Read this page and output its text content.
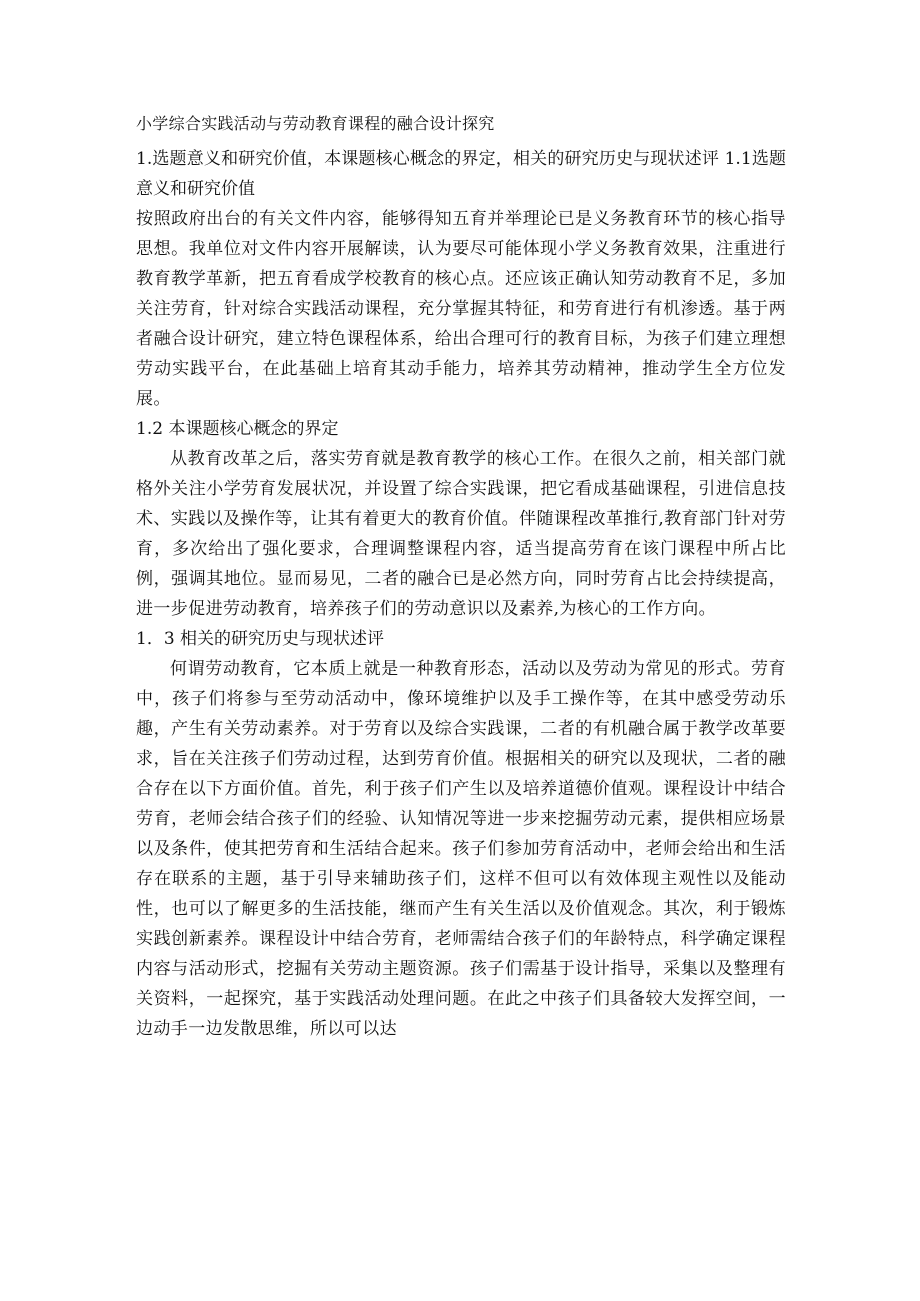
小学综合实践活动与劳动教育课程的融合设计探究

1.选题意义和研究价值，本课题核心概念的界定，相关的研究历史与现状述评 1.1选题意义和研究价值

按照政府出台的有关文件内容，能够得知五育并举理论已是义务教育环节的核心指导思想。我单位对文件内容开展解读，认为要尽可能体现小学义务教育效果，注重进行教育教学革新，把五育看成学校教育的核心点。还应该正确认知劳动教育不足，多加关注劳育，针对综合实践活动课程，充分掌握其特征，和劳育进行有机渗透。基于两者融合设计研究，建立特色课程体系，给出合理可行的教育目标，为孩子们建立理想劳动实践平台，在此基础上培育其动手能力，培养其劳动精神，推动学生全方位发展。

1.2 本课题核心概念的界定

从教育改革之后，落实劳育就是教育教学的核心工作。在很久之前，相关部门就格外关注小学劳育发展状况，并设置了综合实践课，把它看成基础课程，引进信息技术、实践以及操作等，让其有着更大的教育价值。伴随课程改革推行,教育部门针对劳育，多次给出了强化要求，合理调整课程内容，适当提高劳育在该门课程中所占比例，强调其地位。显而易见，二者的融合已是必然方向，同时劳育占比会持续提高，进一步促进劳动教育，培养孩子们的劳动意识以及素养,为核心的工作方向。

1．3 相关的研究历史与现状述评

何谓劳动教育，它本质上就是一种教育形态，活动以及劳动为常见的形式。劳育中，孩子们将参与至劳动活动中，像环境维护以及手工操作等，在其中感受劳动乐趣，产生有关劳动素养。对于劳育以及综合实践课，二者的有机融合属于教学改革要求，旨在关注孩子们劳动过程，达到劳育价值。根据相关的研究以及现状，二者的融合存在以下方面价值。首先，利于孩子们产生以及培养道德价值观。课程设计中结合劳育，老师会结合孩子们的经验、认知情况等进一步来挖掘劳动元素，提供相应场景以及条件，使其把劳育和生活结合起来。孩子们参加劳育活动中，老师会给出和生活存在联系的主题，基于引导来辅助孩子们，这样不但可以有效体现主观性以及能动性，也可以了解更多的生活技能，继而产生有关生活以及价值观念。其次，利于锻炼实践创新素养。课程设计中结合劳育，老师需结合孩子们的年龄特点，科学确定课程内容与活动形式，挖掘有关劳动主题资源。孩子们需基于设计指导，采集以及整理有关资料，一起探究，基于实践活动处理问题。在此之中孩子们具备较大发挥空间，一边动手一边发散思维，所以可以达
